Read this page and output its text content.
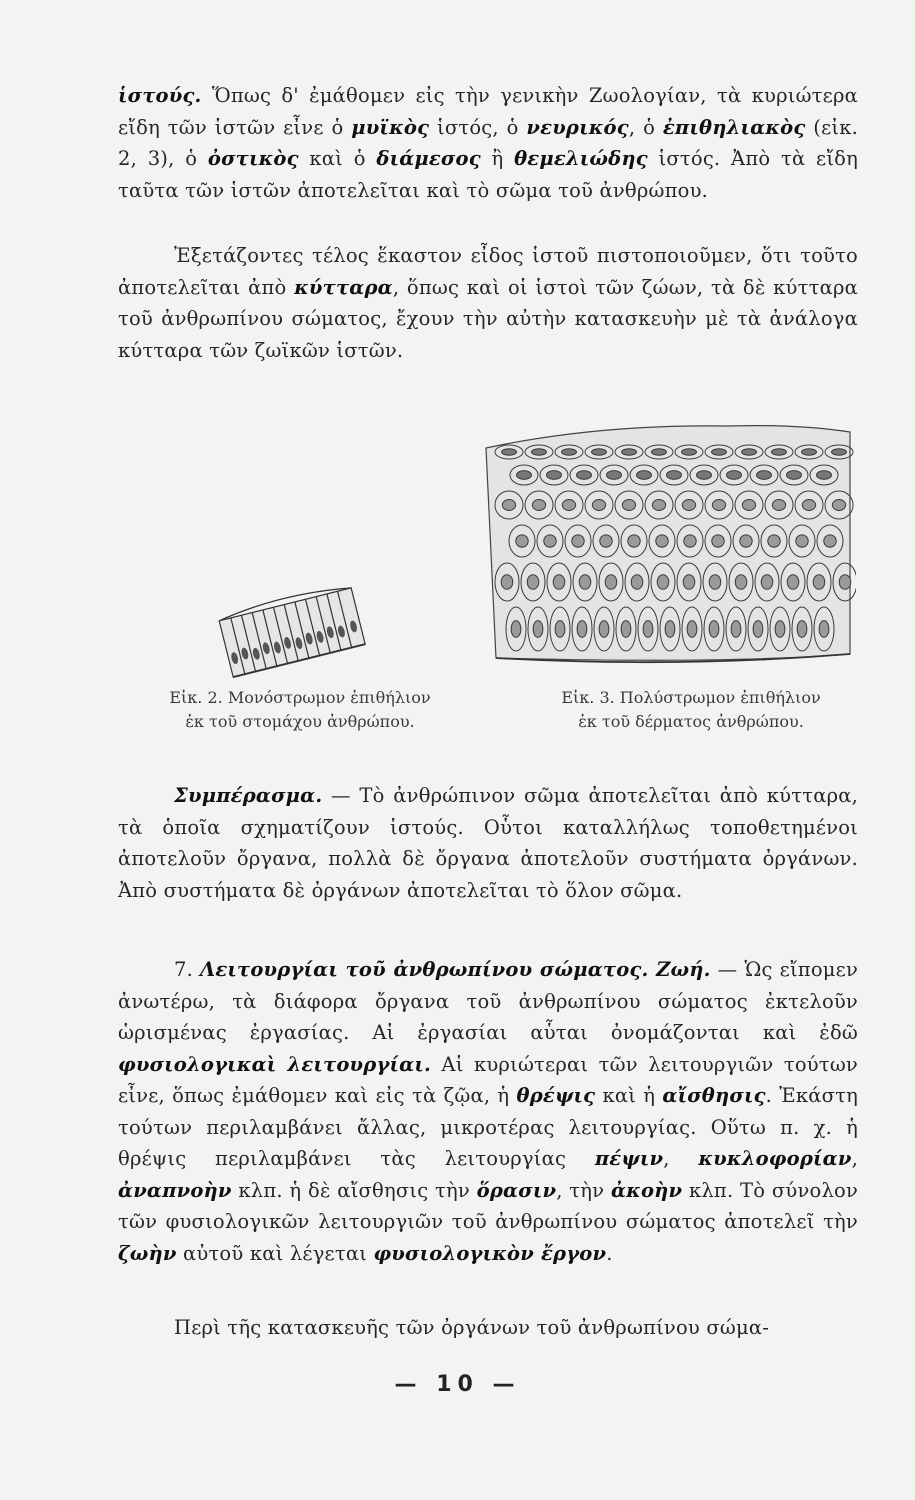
ἱστούς. Ὅπως δ' ἐμάθομεν εἰς τὴν γενικὴν Ζωολογίαν, τὰ κυριώτερα εἴδη τῶν ἱστῶν εἶνε ὁ μυϊκὸς ἱστός, ὁ νευρικός, ὁ ἐπιθηλιακὸς (εἰκ. 2, 3), ὁ ὀστικὸς καὶ ὁ διάμεσος ἢ θεμελιώδης ἱστός. Ἀπὸ τὰ εἴδη ταῦτα τῶν ἱστῶν ἀποτελεῖται καὶ τὸ σῶμα τοῦ ἀνθρώπου.

Ἐξετάζοντες τέλος ἕκαστον εἶδος ἱστοῦ πιστοποιοῦμεν, ὅτι τοῦτο ἀποτελεῖται ἀπὸ κύτταρα, ὅπως καὶ οἱ ἱστοὶ τῶν ζώων, τὰ δὲ κύτταρα τοῦ ἀνθρωπίνου σώματος, ἔχουν τὴν αὐτὴν κατασκευὴν μὲ τὰ ἀνάλογα κύτταρα τῶν ζωϊκῶν ἱστῶν.

Εἰκ. 2. Μονόστρωμον ἐπιθήλιον
ἐκ τοῦ στομάχου ἀνθρώπου.
Εἰκ. 3. Πολύστρωμον ἐπιθήλιον
ἐκ τοῦ δέρματος ἀνθρώπου.

Συμπέρασμα. — Τὸ ἀνθρώπινον σῶμα ἀποτελεῖται ἀπὸ κύτταρα, τὰ ὁποῖα σχηματίζουν ἱστούς. Οὗτοι καταλλήλως τοποθετημένοι ἀποτελοῦν ὄργανα, πολλὰ δὲ ὄργανα ἀποτελοῦν συστήματα ὀργάνων. Ἀπὸ συστήματα δὲ ὀργάνων ἀποτελεῖται τὸ ὅλον σῶμα.

7. Λειτουργίαι τοῦ ἀνθρωπίνου σώματος. Ζωή. — Ὡς εἴπομεν ἀνωτέρω, τὰ διάφορα ὄργανα τοῦ ἀνθρωπίνου σώματος ἐκτελοῦν ὡρισμένας ἐργασίας. Αἱ ἐργασίαι αὗται ὀνομάζονται καὶ ἐδῶ φυσιολογικαὶ λειτουργίαι. Αἱ κυριώτεραι τῶν λειτουργιῶν τούτων εἶνε, ὅπως ἐμάθομεν καὶ εἰς τὰ ζῷα, ἡ θρέψις καὶ ἡ αἴσθησις. Ἑκάστη τούτων περιλαμβάνει ἄλλας, μικροτέρας λειτουργίας. Οὕτω π. χ. ἡ θρέψις περιλαμβάνει τὰς λειτουργίας πέψιν, κυκλοφορίαν, ἀναπνοὴν κλπ. ἡ δὲ αἴσθησις τὴν ὅρασιν, τὴν ἀκοὴν κλπ. Τὸ σύνολον τῶν φυσιολογικῶν λειτουργιῶν τοῦ ἀνθρωπίνου σώματος ἀποτελεῖ τὴν ζωὴν αὐτοῦ καὶ λέγεται φυσιολογικὸν ἔργον.

Περὶ τῆς κατασκευῆς τῶν ὀργάνων τοῦ ἀνθρωπίνου σώμα-

— 10 —
